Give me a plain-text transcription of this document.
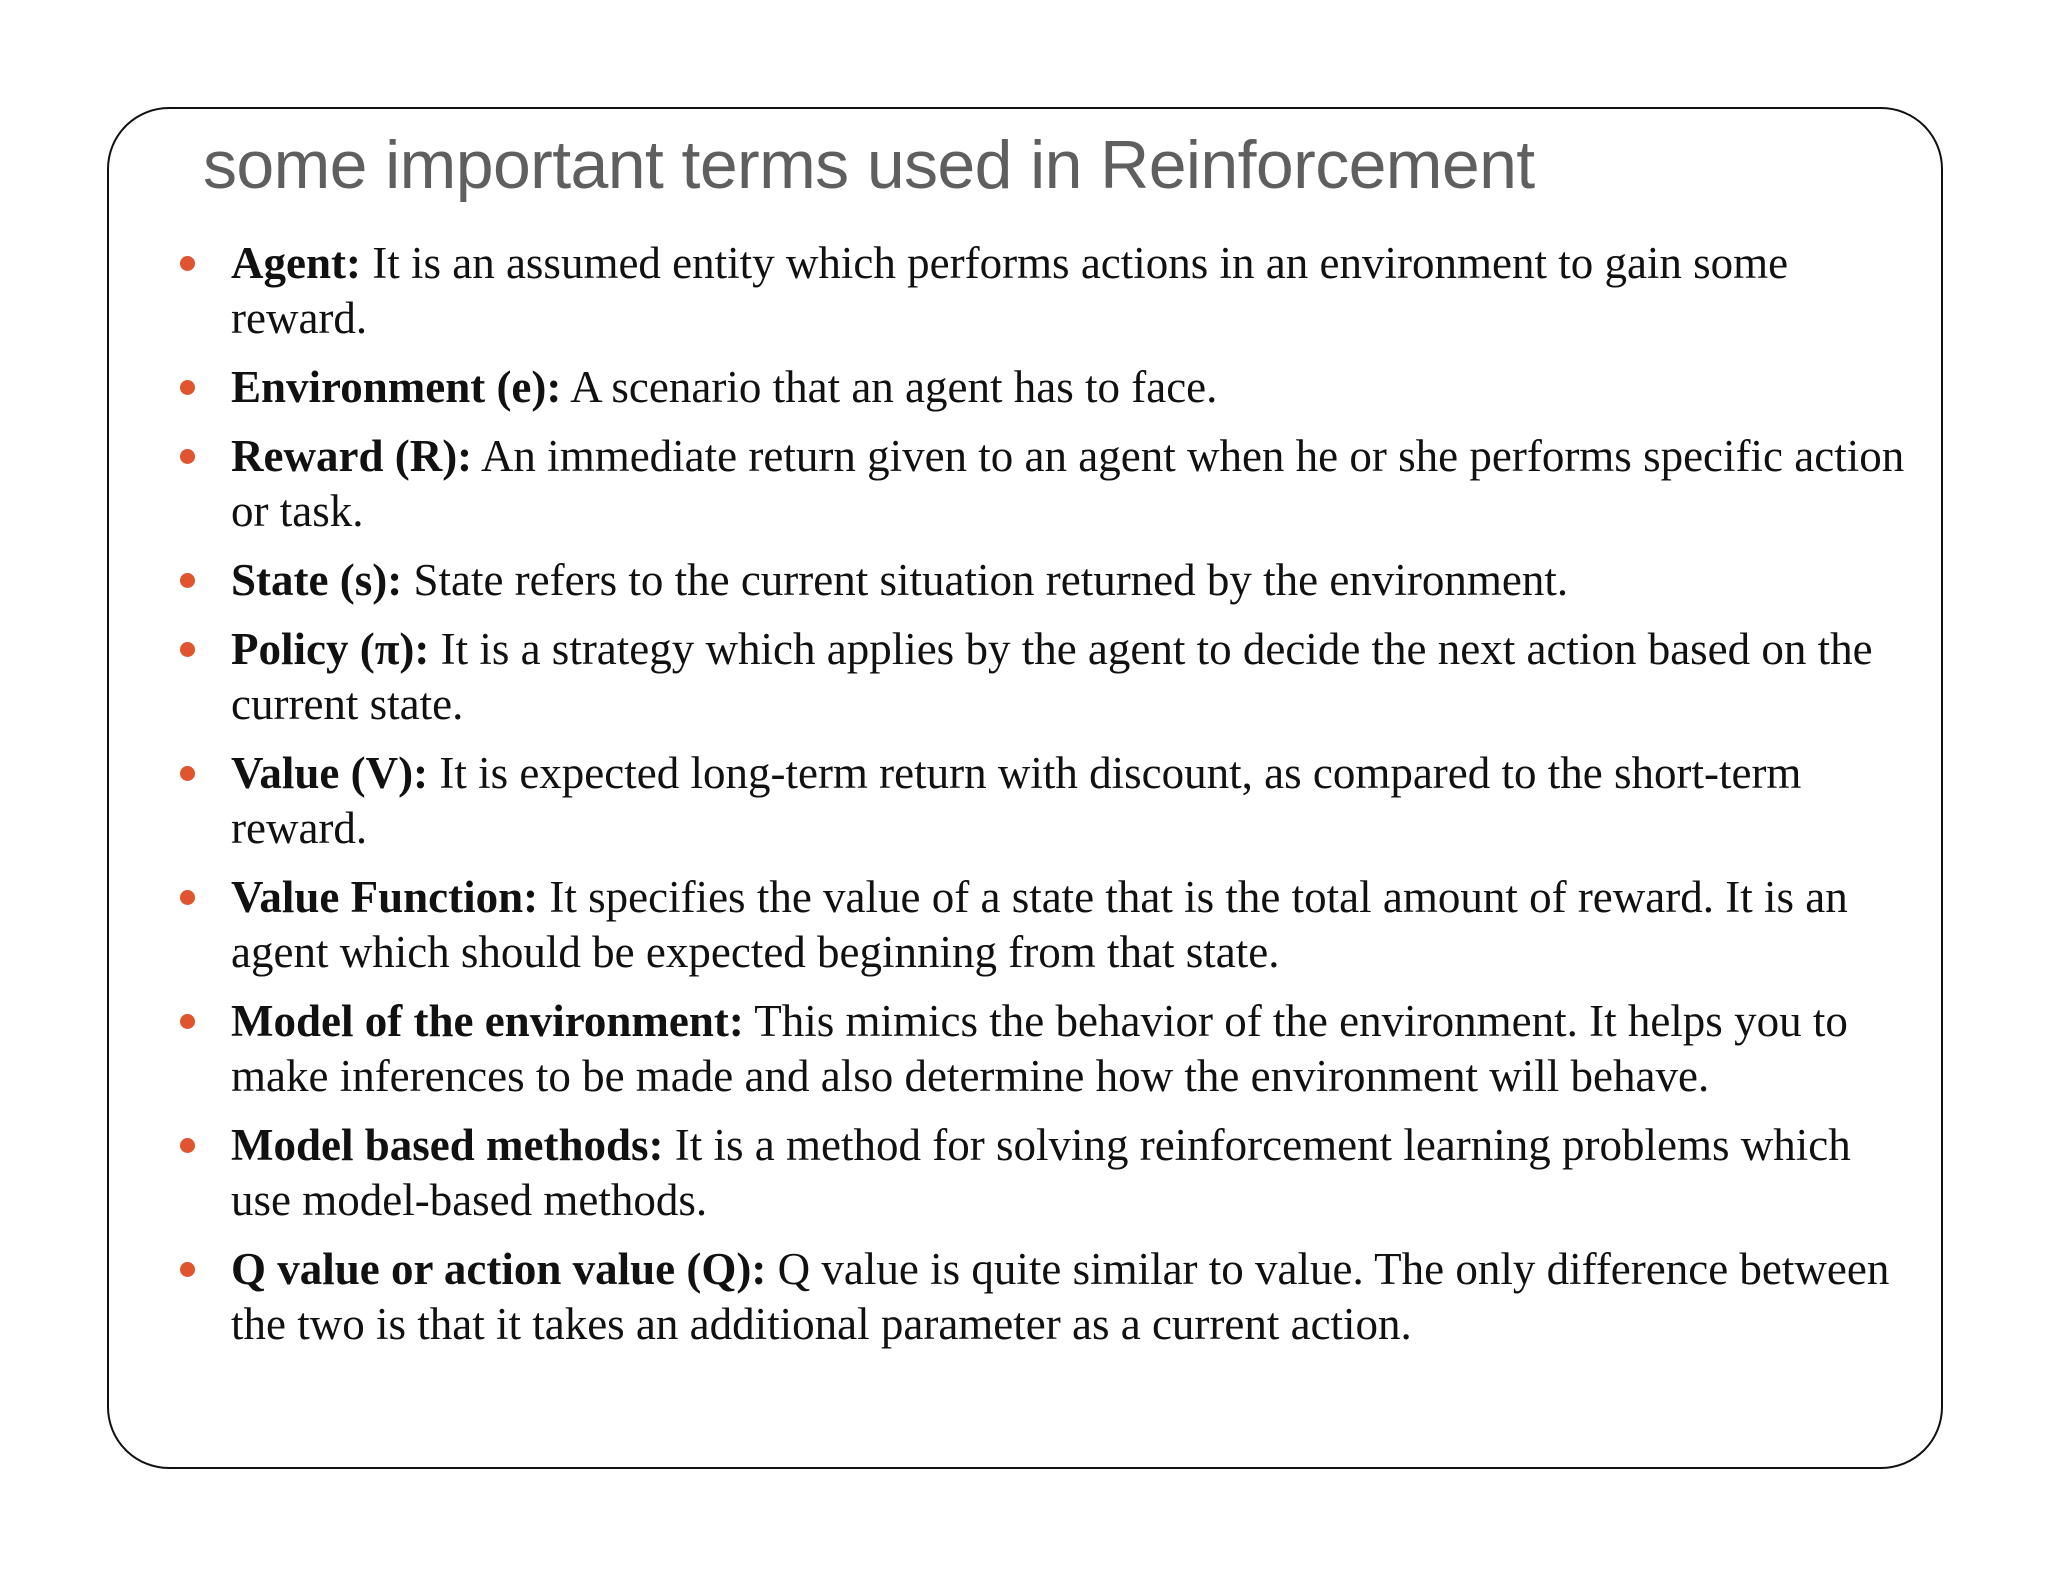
some important terms used in Reinforcement
Agent: It is an assumed entity which performs actions in an environment to gain some reward.
Environment (e): A scenario that an agent has to face.
Reward (R): An immediate return given to an agent when he or she performs specific action or task.
State (s): State refers to the current situation returned by the environment.
Policy (π): It is a strategy which applies by the agent to decide the next action based on the current state.
Value (V): It is expected long-term return with discount, as compared to the short-term reward.
Value Function: It specifies the value of a state that is the total amount of reward. It is an agent which should be expected beginning from that state.
Model of the environment: This mimics the behavior of the environment. It helps you to make inferences to be made and also determine how the environment will behave.
Model based methods: It is a method for solving reinforcement learning problems which use model-based methods.
Q value or action value (Q): Q value is quite similar to value. The only difference between the two is that it takes an additional parameter as a current action.
